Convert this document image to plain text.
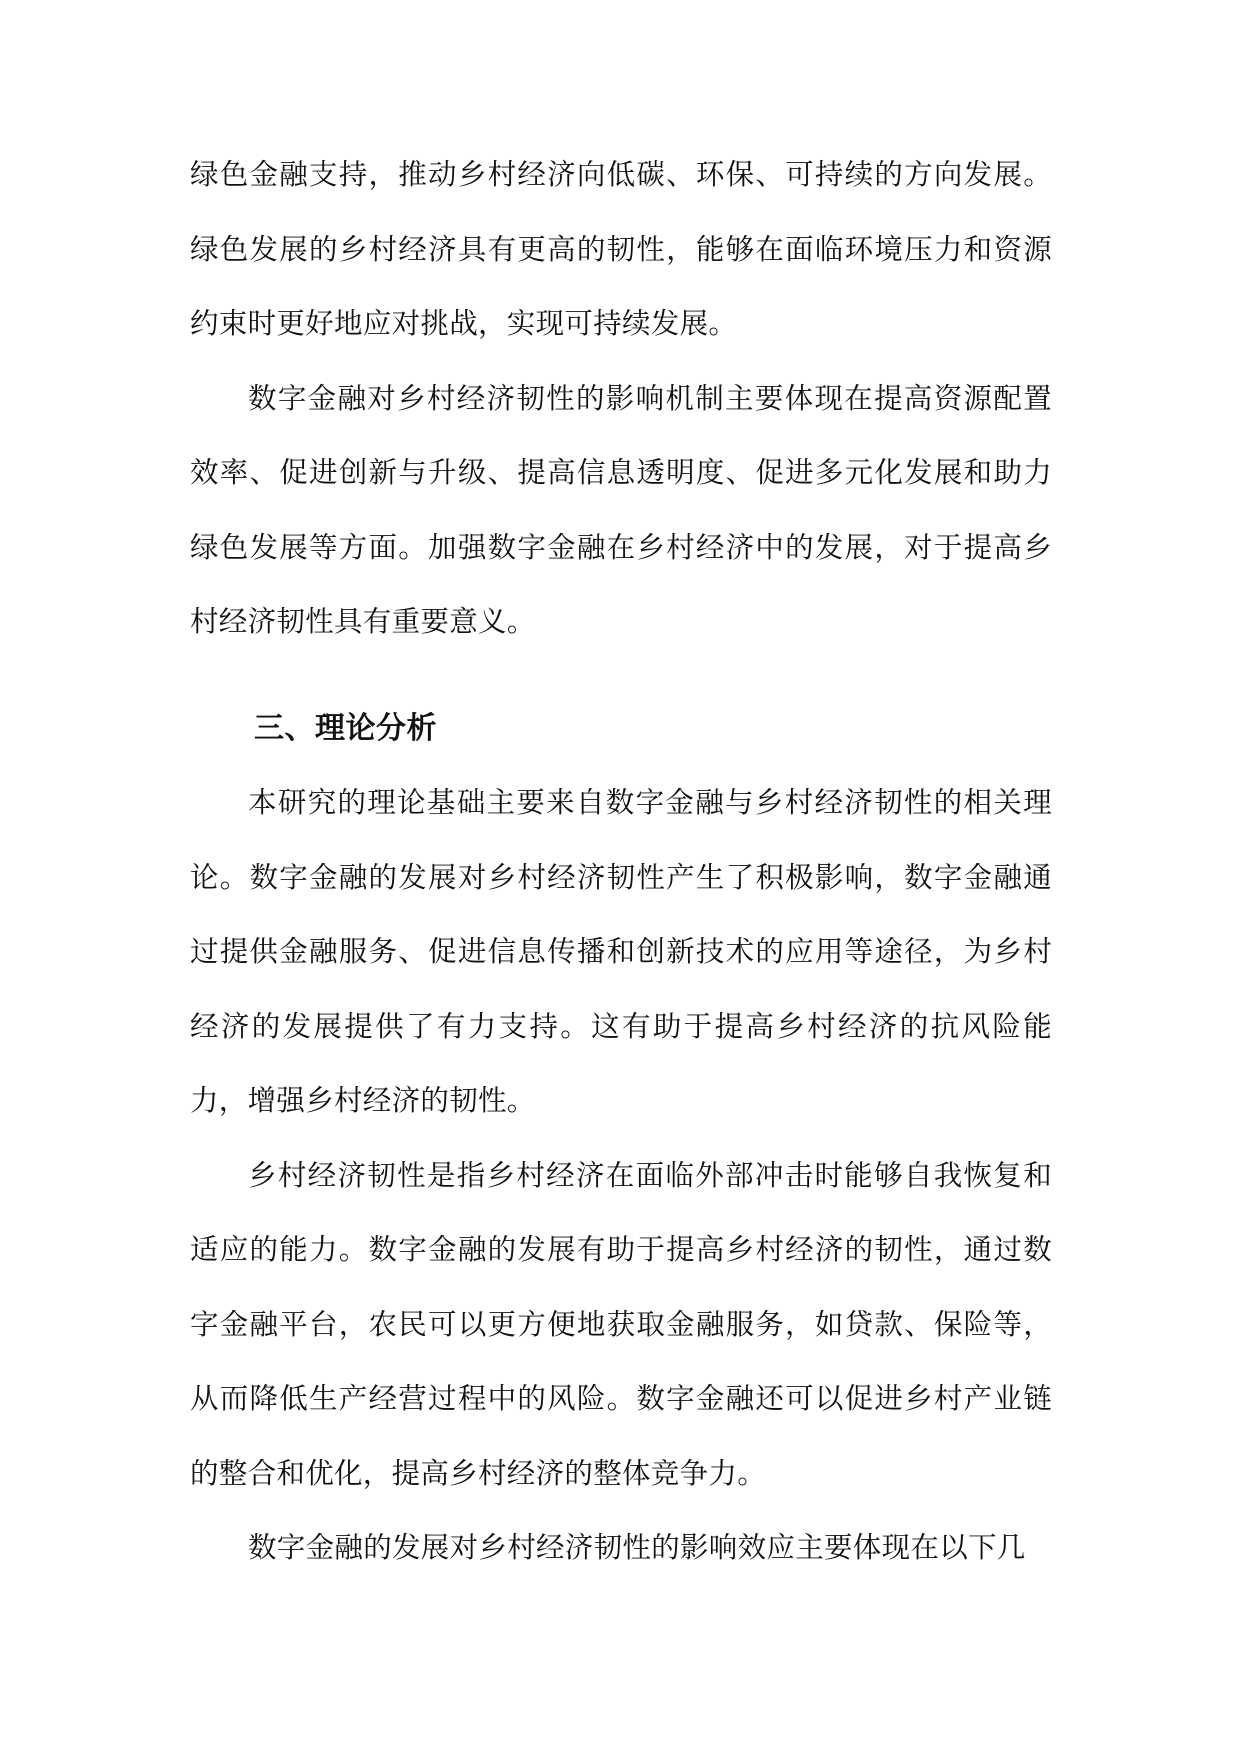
绿色金融支持，推动乡村经济向低碳、环保、可持续的方向发展。绿色发展的乡村经济具有更高的韧性，能够在面临环境压力和资源约束时更好地应对挑战，实现可持续发展。

数字金融对乡村经济韧性的影响机制主要体现在提高资源配置效率、促进创新与升级、提高信息透明度、促进多元化发展和助力绿色发展等方面。加强数字金融在乡村经济中的发展，对于提高乡村经济韧性具有重要意义。

三、理论分析

本研究的理论基础主要来自数字金融与乡村经济韧性的相关理论。数字金融的发展对乡村经济韧性产生了积极影响，数字金融通过提供金融服务、促进信息传播和创新技术的应用等途径，为乡村经济的发展提供了有力支持。这有助于提高乡村经济的抗风险能力，增强乡村经济的韧性。

乡村经济韧性是指乡村经济在面临外部冲击时能够自我恢复和适应的能力。数字金融的发展有助于提高乡村经济的韧性，通过数字金融平台，农民可以更方便地获取金融服务，如贷款、保险等，从而降低生产经营过程中的风险。数字金融还可以促进乡村产业链的整合和优化，提高乡村经济的整体竞争力。

数字金融的发展对乡村经济韧性的影响效应主要体现在以下几
